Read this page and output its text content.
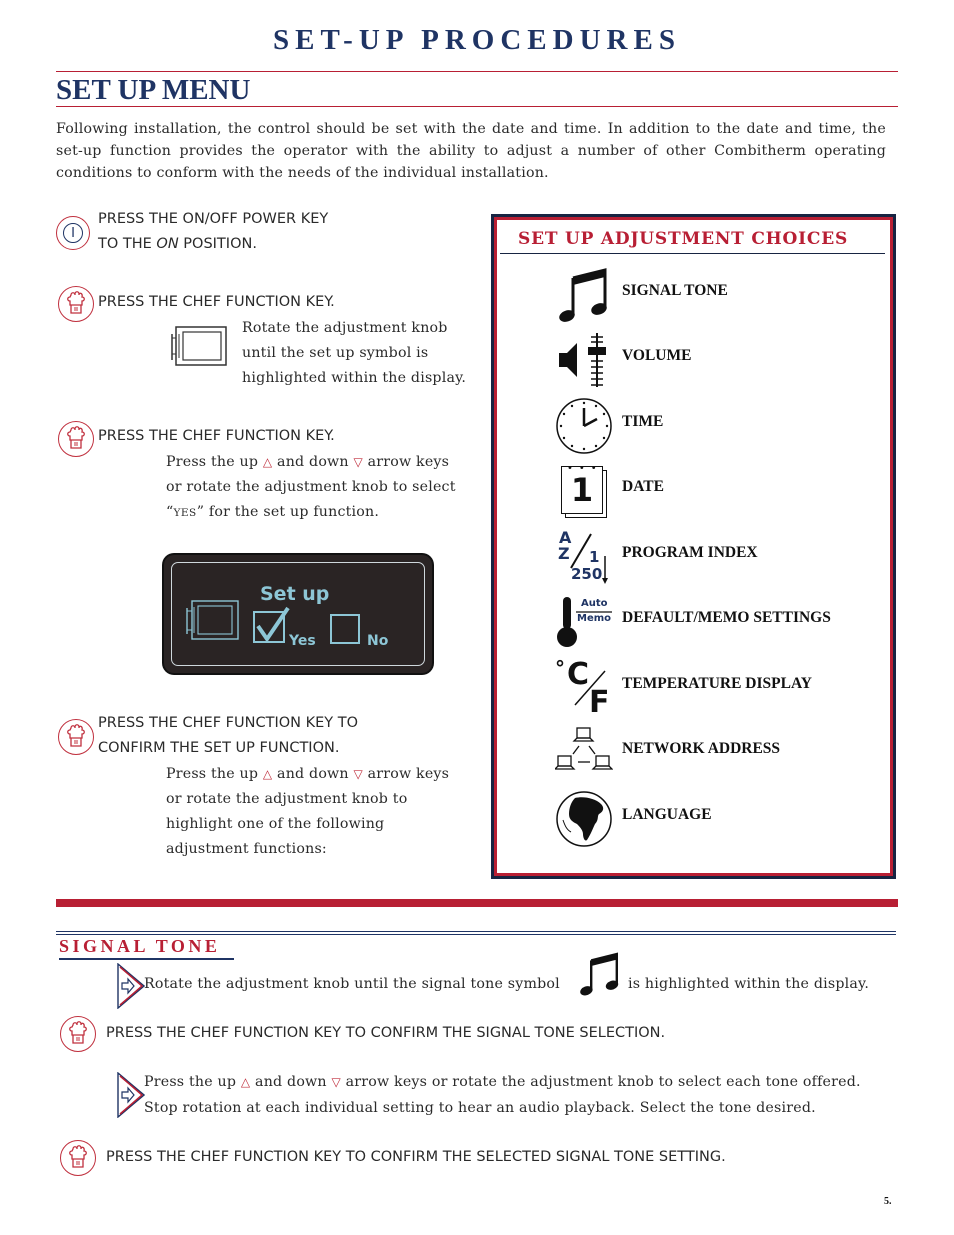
SET-UP PROCEDURES
SET UP MENU
Following installation, the control should be set with the date and time. In addition to the date and time, the set-up function provides the operator with the ability to adjust a number of other Combitherm operating conditions to conform with the needs of the individual installation.
I
PRESS THE ON/OFF POWER KEY
TO THE ON POSITION.
PRESS THE CHEF FUNCTION KEY.
Rotate the adjustment knob
until the set up symbol is
highlighted within the display.
PRESS THE CHEF FUNCTION KEY.
Press the up △ and down ▽ arrow keys
or rotate the adjustment knob to select
“YES” for the set up function.
Set up
Yes	No
PRESS THE CHEF FUNCTION KEY TO
CONFIRM THE SET UP FUNCTION.
Press the up △ and down ▽ arrow keys
or rotate the adjustment knob to
highlight one of the following
adjustment functions:
SET UP ADJUSTMENT CHOICES
SIGNAL TONE
VOLUME
TIME
1
•••
DATE
A
Z 1
250
PROGRAM INDEX
Auto
Memo DEFAULT/MEMO SETTINGS
° C
F
TEMPERATURE DISPLAY
NETWORK ADDRESS
LANGUAGE
SIGNAL TONE
Rotate the adjustment knob until the signal tone symbol	is highlighted within the display.
PRESS THE CHEF FUNCTION KEY TO CONFIRM THE SIGNAL TONE SELECTION.
Press the up △ and down ▽ arrow keys or rotate the adjustment knob to select each tone offered.
Stop rotation at each individual setting to hear an audio playback. Select the tone desired.
PRESS THE CHEF FUNCTION KEY TO CONFIRM THE SELECTED SIGNAL TONE SETTING.
5.
